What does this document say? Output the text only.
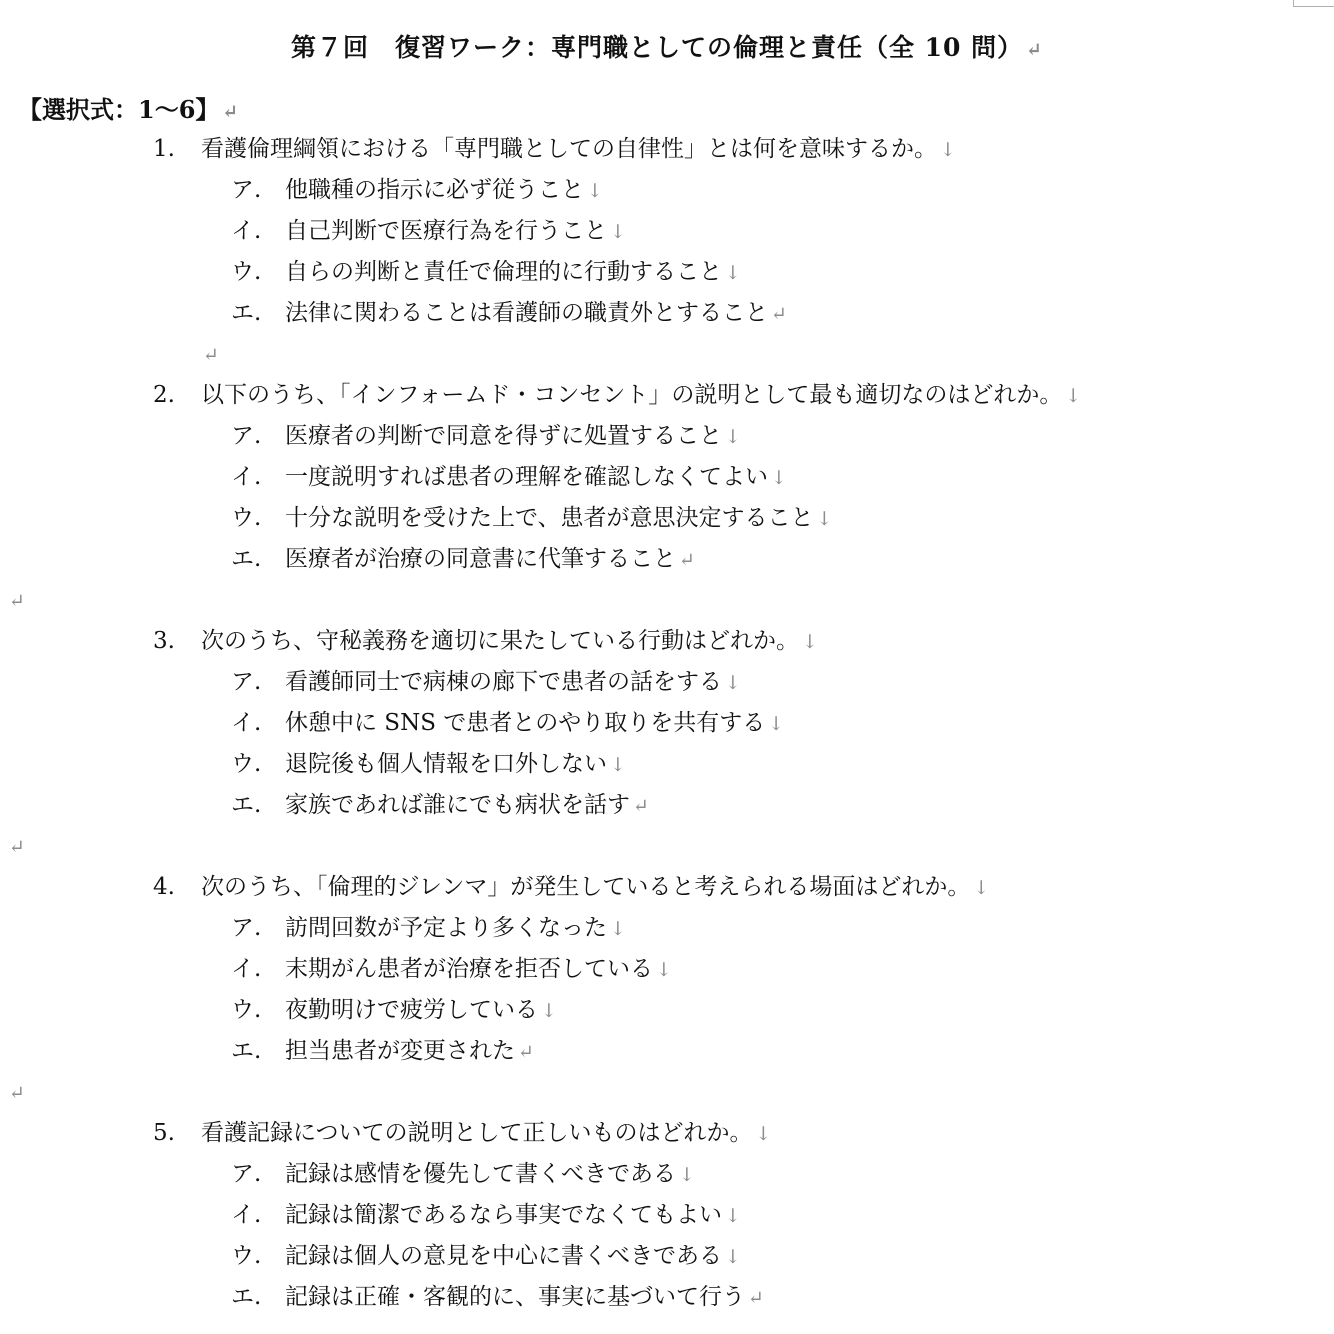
第７回　復習ワーク：専門職としての倫理と責任（全 10 問） ↵
【選択式：1～6】 ↵
1. 看護倫理綱領における「専門職としての自律性」とは何を意味するか。 ↓
ア. 他職種の指示に必ず従うこと ↓
イ. 自己判断で医療行為を行うこと ↓
ウ. 自らの判断と責任で倫理的に行動すること ↓
エ. 法律に関わることは看護師の職責外とすること ↵
↵
2. 以下のうち、「インフォームド・コンセント」の説明として最も適切なのはどれか。 ↓
ア. 医療者の判断で同意を得ずに処置すること ↓
イ. 一度説明すれば患者の理解を確認しなくてよい ↓
ウ. 十分な説明を受けた上で、患者が意思決定すること ↓
エ. 医療者が治療の同意書に代筆すること ↵
↵
3. 次のうち、守秘義務を適切に果たしている行動はどれか。 ↓
ア. 看護師同士で病棟の廊下で患者の話をする ↓
イ. 休憩中に SNS で患者とのやり取りを共有する ↓
ウ. 退院後も個人情報を口外しない ↓
エ. 家族であれば誰にでも病状を話す ↵
↵
4. 次のうち、「倫理的ジレンマ」が発生していると考えられる場面はどれか。 ↓
ア. 訪問回数が予定より多くなった ↓
イ. 末期がん患者が治療を拒否している ↓
ウ. 夜勤明けで疲労している ↓
エ. 担当患者が変更された ↵
↵
5. 看護記録についての説明として正しいものはどれか。 ↓
ア. 記録は感情を優先して書くべきである ↓
イ. 記録は簡潔であるなら事実でなくてもよい ↓
ウ. 記録は個人の意見を中心に書くべきである ↓
エ. 記録は正確・客観的に、事実に基づいて行う ↵
